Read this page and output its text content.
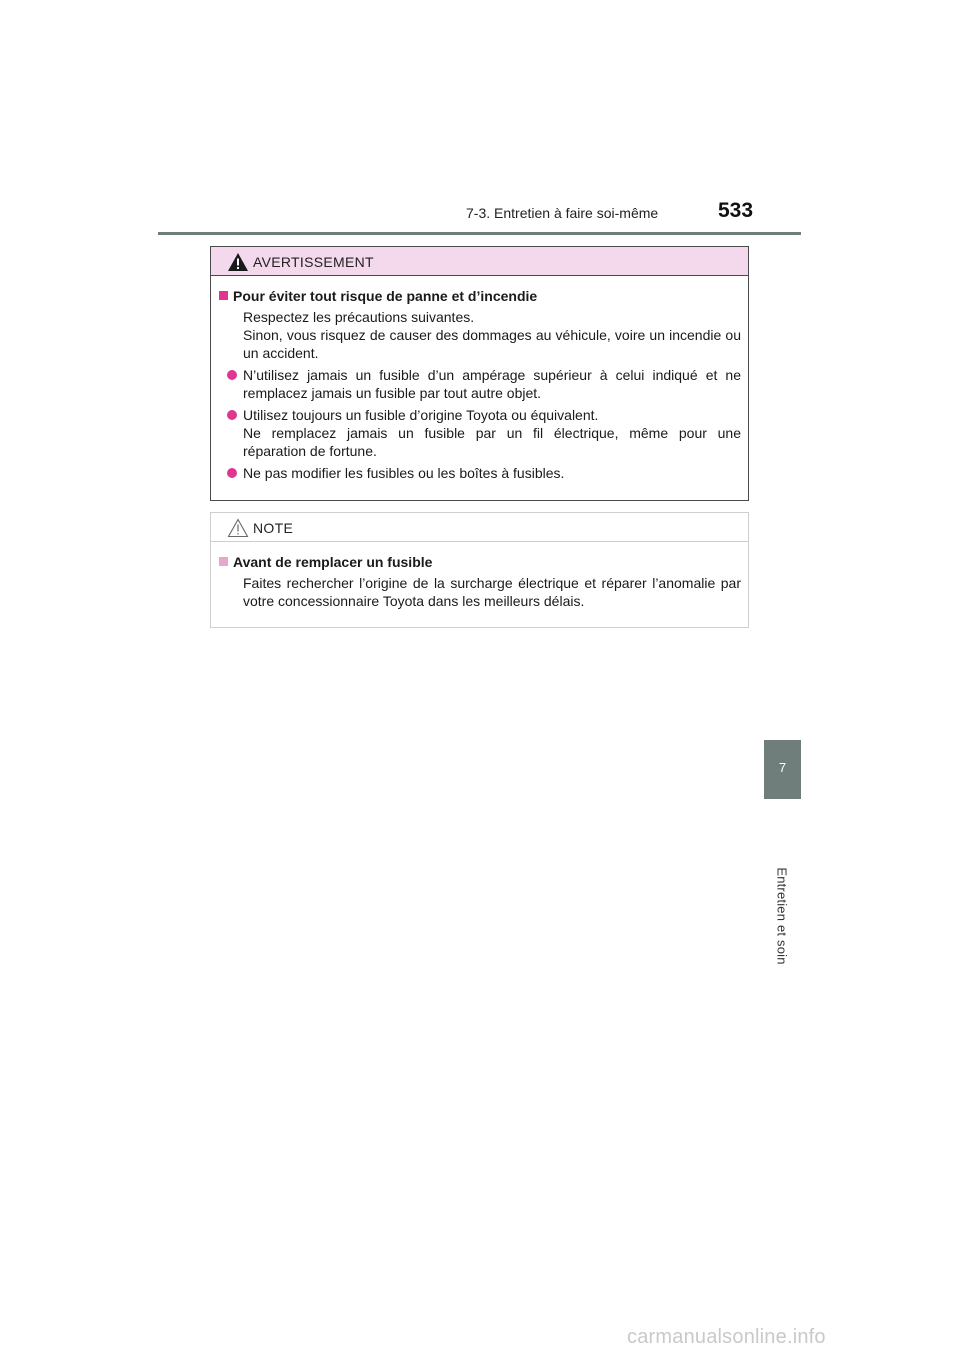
7-3. Entretien à faire soi-même	533
AVERTISSEMENT
Pour éviter tout risque de panne et d’incendie
Respectez les précautions suivantes.
Sinon, vous risquez de causer des dommages au véhicule, voire un incendie ou un accident.
N’utilisez jamais un fusible d’un ampérage supérieur à celui indiqué et ne
remplacez jamais un fusible par tout autre objet.
Utilisez toujours un fusible d’origine Toyota ou équivalent.
Ne remplacez jamais un fusible par un fil électrique, même pour une
réparation de fortune.
Ne pas modifier les fusibles ou les boîtes à fusibles.
NOTE
Avant de remplacer un fusible
Faites rechercher l’origine de la surcharge électrique et réparer l’anomalie par votre concessionnaire Toyota dans les meilleurs délais.
7
Entretien et soin
carmanualsonline.info
